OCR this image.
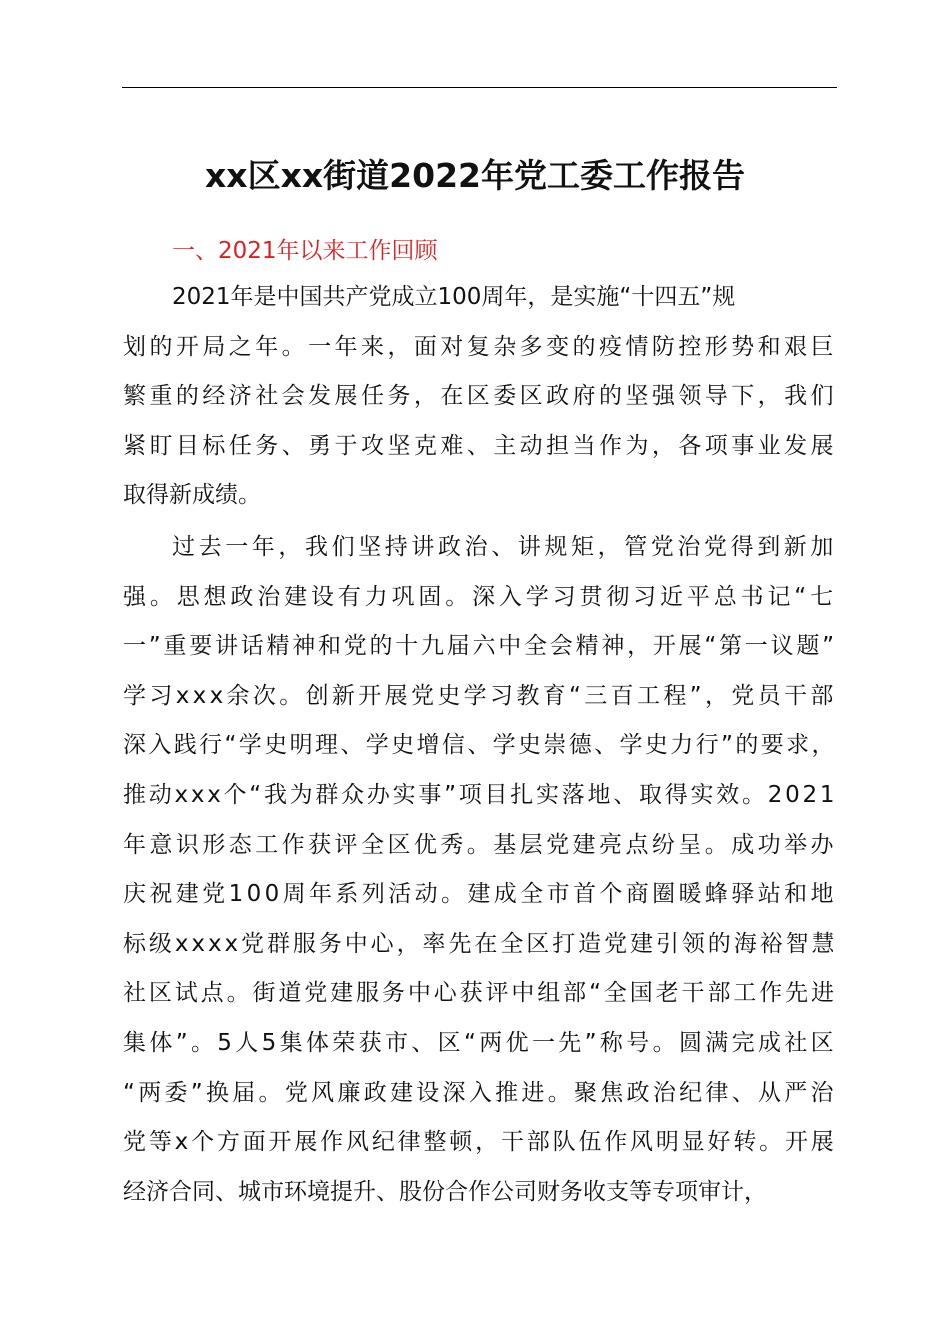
xx区xx街道2022年党工委工作报告
一、2021年以来工作回顾
2021年是中国共产党成立100周年，是实施“十四五”规
划的开局之年。一年来，面对复杂多变的疫情防控形势和艰巨
繁重的经济社会发展任务，在区委区政府的坚强领导下，我们
紧盯目标任务、勇于攻坚克难、主动担当作为，各项事业发展
取得新成绩。
过去一年，我们坚持讲政治、讲规矩，管党治党得到新加
强。思想政治建设有力巩固。深入学习贯彻习近平总书记“七
一”重要讲话精神和党的十九届六中全会精神，开展“第一议题”
学习xxx余次。创新开展党史学习教育“三百工程”，党员干部
深入践行“学史明理、学史增信、学史崇德、学史力行”的要求，
推动xxx个“我为群众办实事”项目扎实落地、取得实效。2021
年意识形态工作获评全区优秀。基层党建亮点纷呈。成功举办
庆祝建党100周年系列活动。建成全市首个商圈暖蜂驿站和地
标级xxxx党群服务中心，率先在全区打造党建引领的海裕智慧
社区试点。街道党建服务中心获评中组部“全国老干部工作先进
集体”。5人5集体荣获市、区“两优一先”称号。圆满完成社区
“两委”换届。党风廉政建设深入推进。聚焦政治纪律、从严治
党等x个方面开展作风纪律整顿，干部队伍作风明显好转。开展
经济合同、城市环境提升、股份合作公司财务收支等专项审计，
